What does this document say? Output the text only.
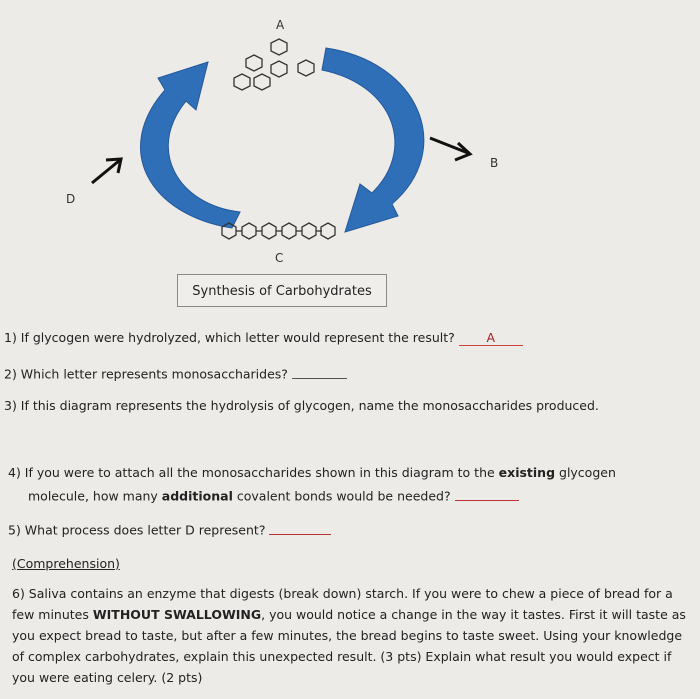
A
B
C
D
Synthesis of Carbohydrates
1) If glycogen were hydrolyzed, which letter would represent the result?	A
2) Which letter represents monosaccharides?
3) If this diagram represents the hydrolysis of glycogen, name the monosaccharides produced.
4) If you were to attach all the monosaccharides shown in this diagram to the existing glycogen
molecule, how many additional covalent bonds would be needed?
5) What process does letter D represent?
(Comprehension)
6) Saliva contains an enzyme that digests (break down) starch. If you were to chew a piece of bread for a few minutes WITHOUT SWALLOWING, you would notice a change in the way it tastes. First it will taste as you expect bread to taste, but after a few minutes, the bread begins to taste sweet. Using your knowledge of complex carbohydrates, explain this unexpected result. (3 pts) Explain what result you would expect if you were eating celery. (2 pts)
